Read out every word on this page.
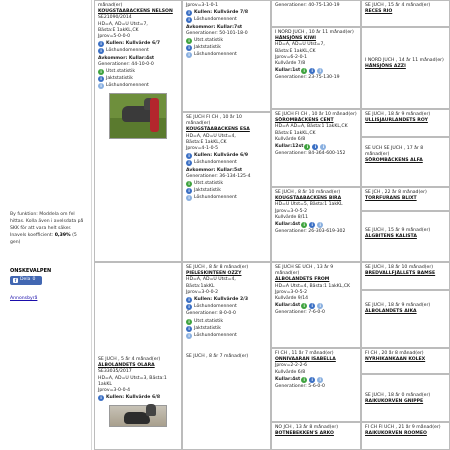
By funktion: Moddela om fel hittas. Kolla även i avelsdata på SKK för att vara helt säker.
Inavels koefficient: 0,39% (5 gen)
ONSKEVALPEN
f Dela 0
Annonsbyrå
månad(er)
KOUGSTAABACKENS NELSON
SE21090/2014
HD=A, AD=U Utst=7,
Bästa:E 1akKL,CK
Jprov=5-0-0-0
i Kullen: Kullvärde 6/7
i Löshundomennent
Avkommor: Kullar:4st
Generationer: 44-10-0-0
i Utst.statistik
i Jaktstatistik
i Löshundomennent
Jprov=3-1-0-1
i Kullen: Kullvärde 7/8
i Löshundomennent
Avkommor: Kullar:7st
Generationer: 50-101-18-0
i Utst.statistik
i Jaktstatistik
i Löshundomennent
SE JUCH FI CH , 10 år 10 månad(er)
KOUGSTAABACKENS ESA
HD=A, AD=U Utst=4,
Bästa:E 1akKL,CK
Jprov=4-1-0-5
i Kullen: Kullvärde 6/9
i Löshundomennent
Avkommor: Kullar:5st
Generationer: 36-134-125-4
i Utst.statistik
i Jaktstatistik
i Löshundomennent
Generationer: 40-75-130-19
I NORD JUCH , 10 år 11 månad(er)
HÄNSJÖNS KIWI
HD=A, AD=U Utst=7,
Bästa:E 1akKL,CK
Jprov=6-2-0-1
Kullvärde 7/8
Kullar:1st i	i	i
Generationer: 23-75-130-19
SE JUCH FI CH , 10 år 10 månad(er)
SÖROMBÄCKENS CENT
HD=A AD=A, Bästa:1 1akKL,CK
Bästa:E 1akKL,CK
Kullvärde 6/8
Kullar:12st i	i	i
Generationer: 84-364-600-152
SE JUCH , 8 år 10 månad(er)
KOUGSTAABACKENS BIRA
HD=U Utst=5, Bästa:1 1akKL
Jprov=3-0-5-2
Kullvärde 8/11
Kullar:4st i	i	i
Generationer: 26-303-619-302
SE JUCH , 5 år 4 månad(er)
ÅLBOLANDETS OLARA
SE33035/2017
HD=A, AD=U Utst=3, Bästa:1 1akKL
Jprov=3-0-0-4
i Kullen: Kullvärde 6/8
SE JUCH , 8 år 8 månad(er)
PIELESKINTEEN OZZY
HD=A, AD=U Utst=4,
Bästa:1akKL
Jprov=3-0-0-2
i Kullen: Kullvärde 2/3
i Löshundomennent
Generationer: 8-0-0-0
i Utst.statistik
i Jaktstatistik
i Löshundomennent
SE JUCH , 8 år 7 månad(er)
SE JUCH SE UCH , 13 år 9 månad(er)
ÅLBOLANDETS FROM
HD=A Utst=4, Bästa:1 1akKL,CK
Jprov=3-0-5-2
Kullvärde 9/14
Kullar:4st i	i	i
Generationer: 7-6-0-0
FI CH , 11 år 7 månad(er)
ONNIVAARAN ISABELLA
Jprov=2-2-2-6
Kullvärde 6/8
Kullar:4st i	i	i
Generationer: 5-6-0-0
NO JCH , 13 år 8 månad(er)
BOTNEBEKKEN'S ARKO
SE JUCH , 15 år 4 månad(er)
RECES RIO
I NORD JUCH , 14 år 11 månad(er)
HÄNSJÖNS AZZI
SE JUCH , 18 år 9 månad(er)
ULLISJAURLANDETS ROY
SE UCH SE JUCH , 17 år 8 månad(er)
SÖROMBÄCKENS ALFA
SE JCH , 22 år 8 månad(er)
TORRFURANS BLIXT
SE JUCH , 15 år 9 månad(er)
ÅLGBITENS KALISTA
SE JUCH , 18 år 10 månad(er)
BREDVALLFJÄLLETS BAMSE
SE JUCH , 18 år 9 månad(er)
ÅLBOLANDETS AIKA
FI CH , 20 år 8 månad(er)
NYRHIKANKAAN KOLEX
SE JUCH , 18 år 0 månad(er)
RAIKUKORVEN GNIPPE
FI CH FI UCH , 21 år 9 månad(er)
RAIKUKORVEN ROOMEO
